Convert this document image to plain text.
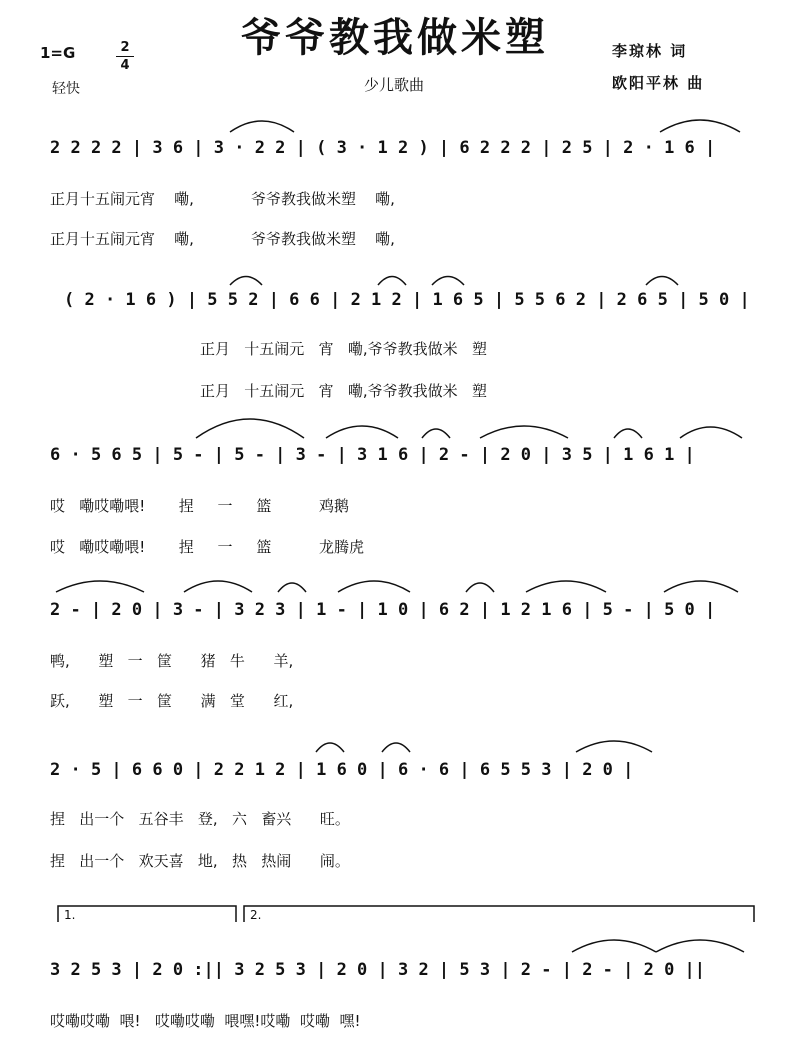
爷爷教我做米塑
1=G	2
4
轻快	少儿歌曲
李琼林 词
欧阳平林 曲
2 2 2 2 | 3 6 | 3 · 2 2 | ( 3 · 1 2 ) | 6 2 2 2 | 2 5 | 2 · 1 6 |
正月十五闹元宵    嘞,            爷爷教我做米塑    嘞,
正月十五闹元宵    嘞,            爷爷教我做米塑    嘞,
( 2 · 1 6 ) | 5 5 2 | 6 6 | 2 1 2 | 1 6 5 | 5 5 6 2 | 2 6 5 | 5 0 |
正月   十五闹元   宵   嘞,爷爷教我做米   塑
正月   十五闹元   宵   嘞,爷爷教我做米   塑
6 · 5 6 5 | 5 - | 5 - | 3 - | 3 1 6 | 2 - | 2 0 | 3 5 | 1 6 1 |
哎   嘞哎嘞喂!       捏     一     篮          鸡鹅
哎   嘞哎嘞喂!       捏     一     篮          龙腾虎
2 - | 2 0 | 3 - | 3 2 3 | 1 - | 1 0 | 6 2 | 1 2 1 6 | 5 - | 5 0 |
鸭,      塑   一   筐      猪   牛      羊,
跃,      塑   一   筐      满   堂      红,
2 · 5 | 6 6 0 | 2 2 1 2 | 1 6 0 | 6 · 6 | 6 5 5 3 | 2 0 |
捏   出一个   五谷丰   登,   六   畜兴      旺。
捏   出一个   欢天喜   地,   热   热闹      闹。
1.	2.
3 2 5 3 | 2 0 :|| 3 2 5 3 | 2 0 | 3 2 | 5 3 | 2 - | 2 - | 2 0 ||
哎嘞哎嘞  喂!   哎嘞哎嘞  喂嘿!哎嘞  哎嘞  嘿!
